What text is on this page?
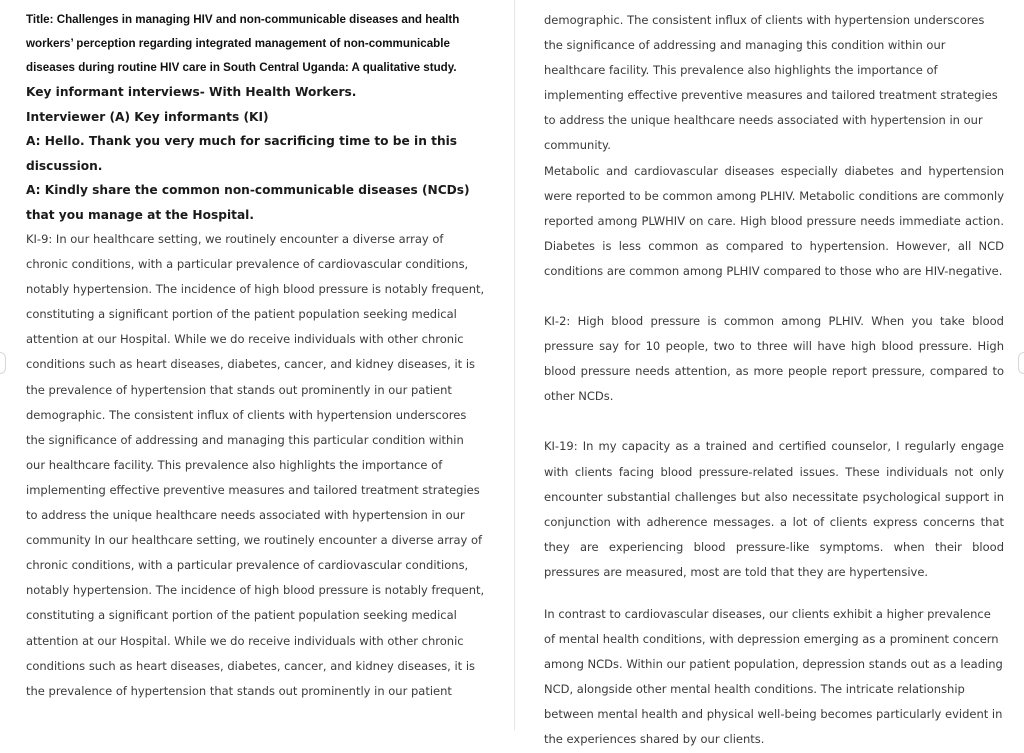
Title: Challenges in managing HIV and non-communicable diseases and health workers’ perception regarding integrated management of non-communicable diseases during routine HIV care in South Central Uganda: A qualitative study.

Key informant interviews- With Health Workers.

Interviewer (A) Key informants (KI)

A: Hello. Thank you very much for sacrificing time to be in this discussion.

A: Kindly share the common non-communicable diseases (NCDs) that you manage at the Hospital.

KI-9: In our healthcare setting, we routinely encounter a diverse array of chronic conditions, with a particular prevalence of cardiovascular conditions, notably hypertension. The incidence of high blood pressure is notably frequent, constituting a significant portion of the patient population seeking medical attention at our Hospital. While we do receive individuals with other chronic conditions such as heart diseases, diabetes, cancer, and kidney diseases, it is the prevalence of hypertension that stands out prominently in our patient demographic. The consistent influx of clients with hypertension underscores the significance of addressing and managing this particular condition within our healthcare facility. This prevalence also highlights the importance of implementing effective preventive measures and tailored treatment strategies to address the unique healthcare needs associated with hypertension in our community In our healthcare setting, we routinely encounter a diverse array of chronic conditions, with a particular prevalence of cardiovascular conditions, notably hypertension. The incidence of high blood pressure is notably frequent, constituting a significant portion of the patient population seeking medical attention at our Hospital. While we do receive individuals with other chronic conditions such as heart diseases, diabetes, cancer, and kidney diseases, it is the prevalence of hypertension that stands out prominently in our patient

demographic. The consistent influx of clients with hypertension underscores the significance of addressing and managing this condition within our healthcare facility. This prevalence also highlights the importance of implementing effective preventive measures and tailored treatment strategies to address the unique healthcare needs associated with hypertension in our community.

Metabolic and cardiovascular diseases especially diabetes and hypertension were reported to be common among PLHIV. Metabolic conditions are commonly reported among PLWHIV on care. High blood pressure needs immediate action. Diabetes is less common as compared to hypertension. However, all NCD conditions are common among PLHIV compared to those who are HIV-negative.

KI-2: High blood pressure is common among PLHIV. When you take blood pressure say for 10 people, two to three will have high blood pressure. High blood pressure needs attention, as more people report pressure, compared to other NCDs.

KI-19: In my capacity as a trained and certified counselor, I regularly engage with clients facing blood pressure-related issues. These individuals not only encounter substantial challenges but also necessitate psychological support in conjunction with adherence messages. a lot of clients express concerns that they are experiencing blood pressure-like symptoms. when their blood pressures are measured, most are told that they are hypertensive.

In contrast to cardiovascular diseases, our clients exhibit a higher prevalence of mental health conditions, with depression emerging as a prominent concern among NCDs. Within our patient population, depression stands out as a leading NCD, alongside other mental health conditions. The intricate relationship between mental health and physical well-being becomes particularly evident in the experiences shared by our clients.
